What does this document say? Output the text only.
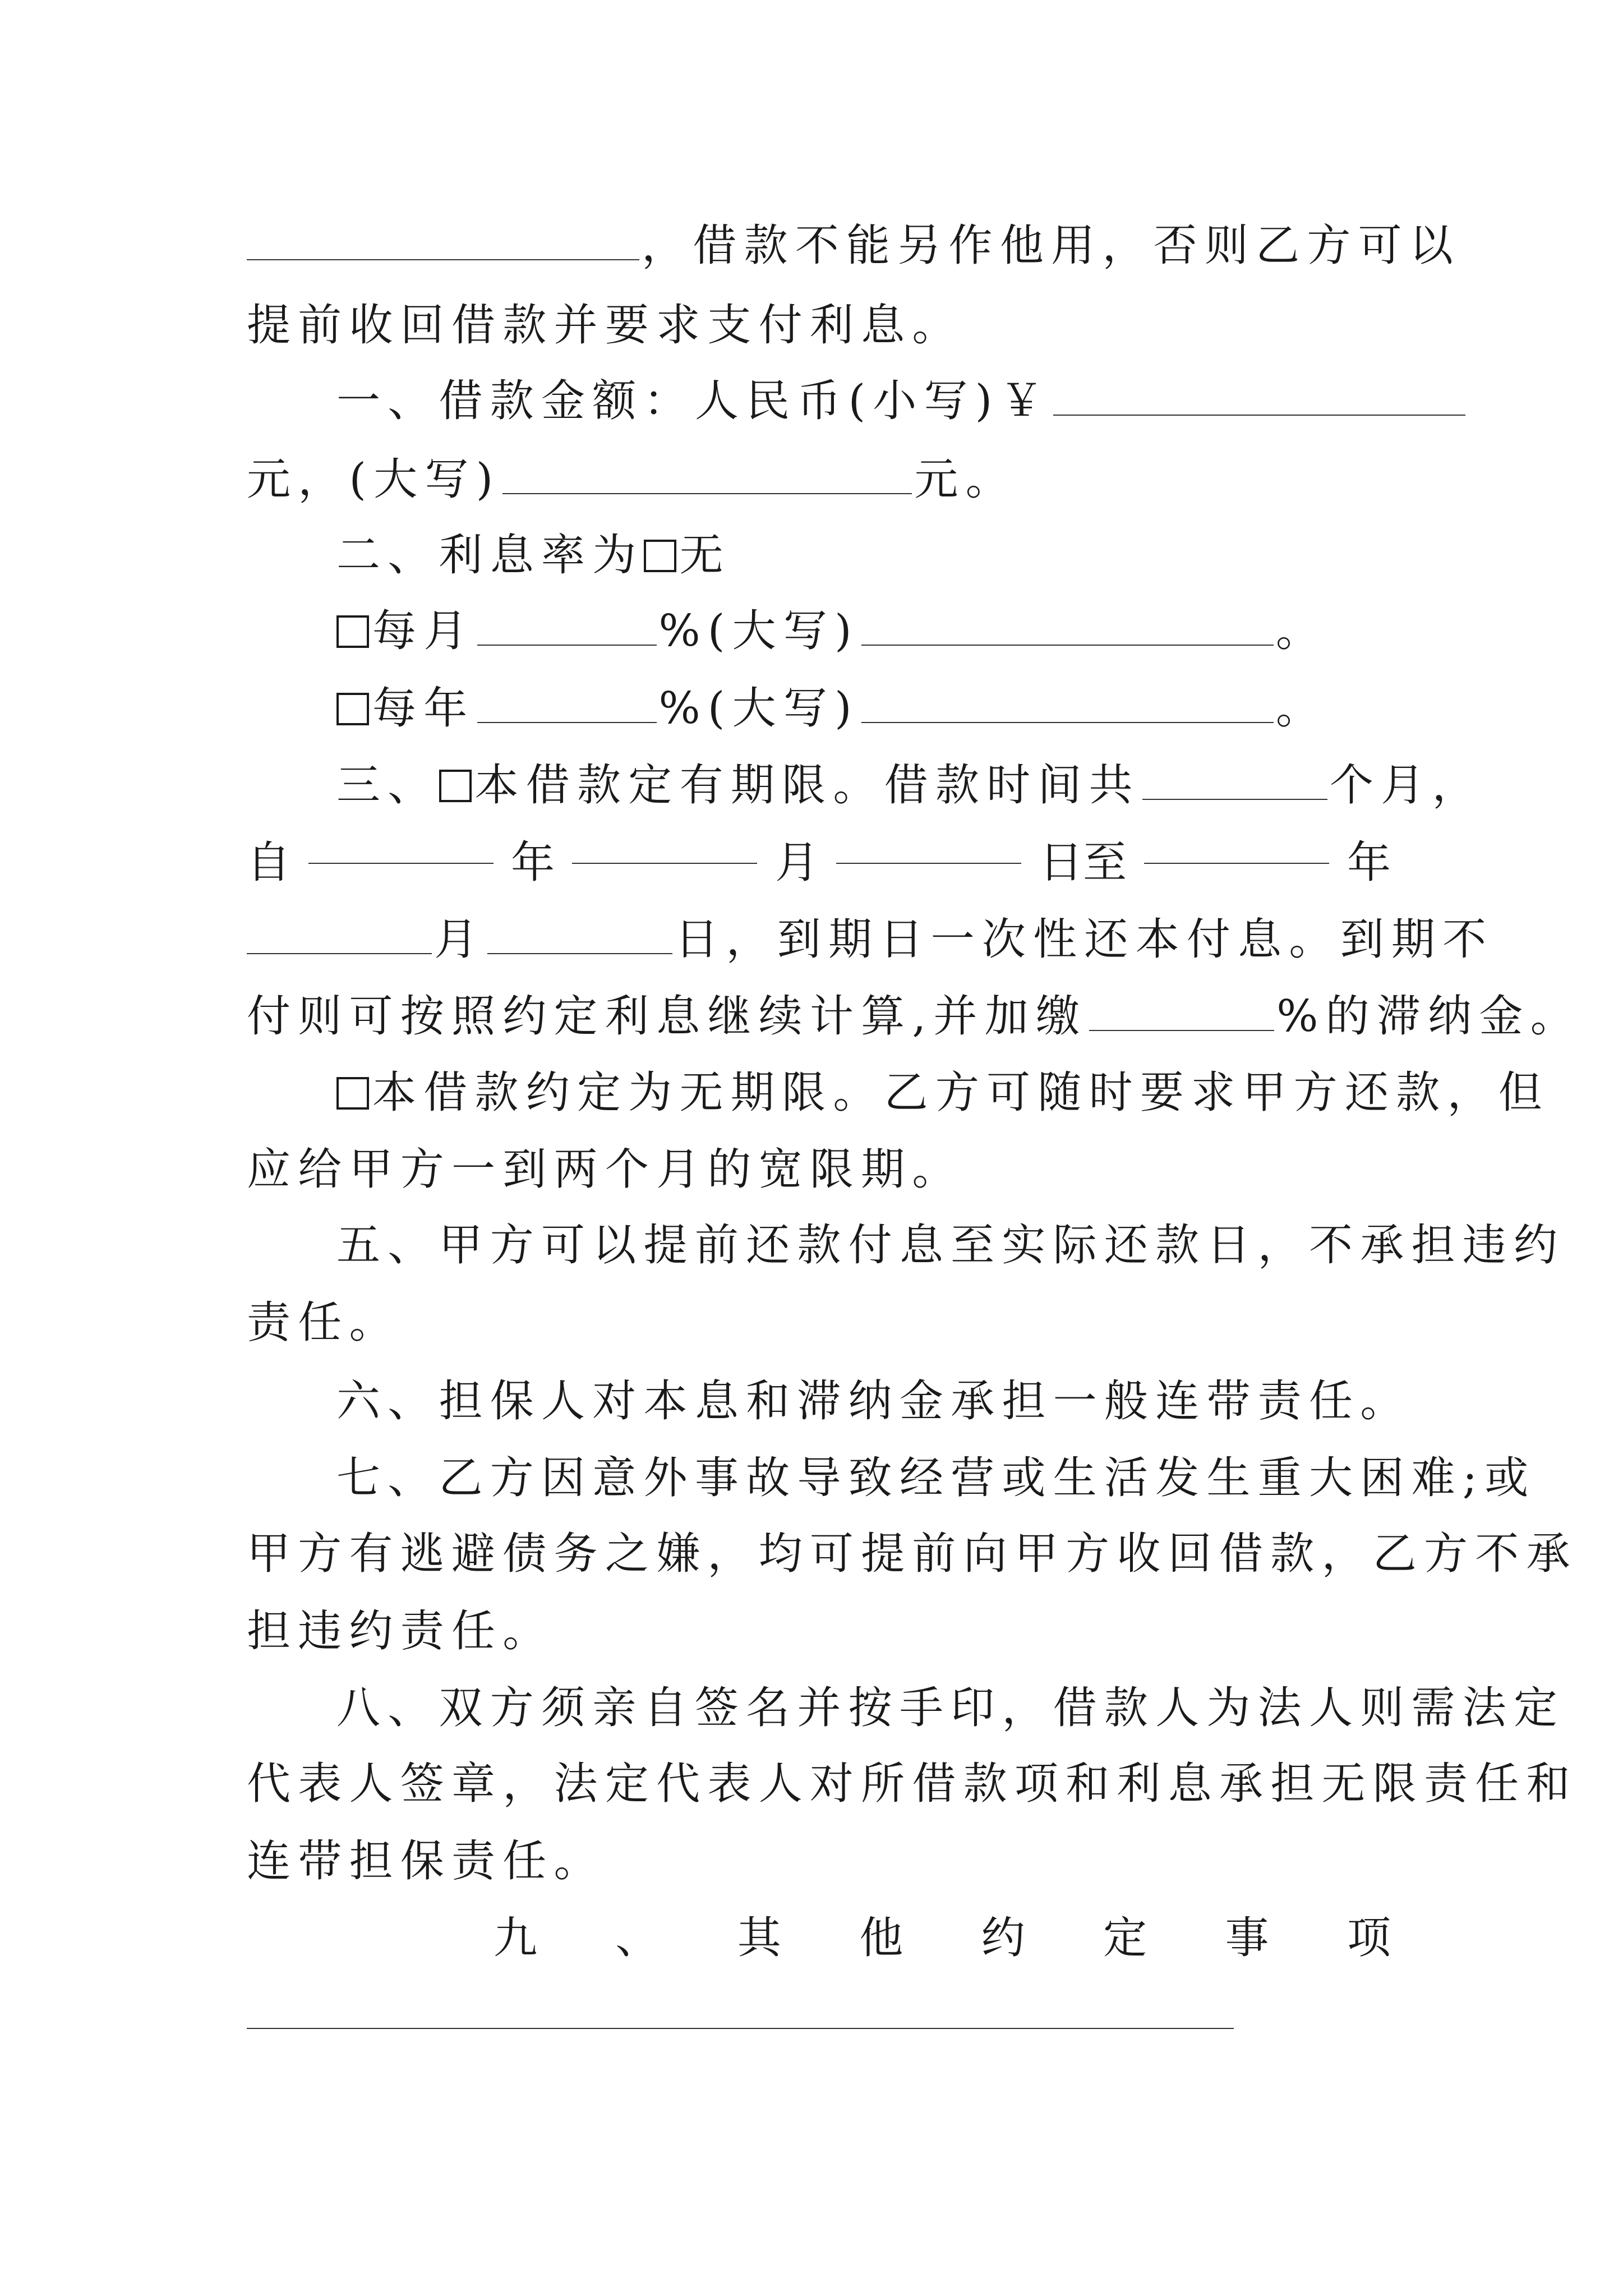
，借款不能另作他用，否则乙方可以
提前收回借款并要求支付利息。
一、借款金额：人民币(小写)￥
元，(大写)	元。
二、利息率为 无
每月	%(大写)	。
每年	%(大写)	。
三、 本借款定有期限。借款时间共	个月，
自	年	月	日至	年
月	日，到期日一次性还本付息。到期不
付则可按照约定利息继续计算,并加缴	%的滞纳金。
本借款约定为无期限。乙方可随时要求甲方还款，但
应给甲方一到两个月的宽限期。
五、甲方可以提前还款付息至实际还款日，不承担违约
责任。
六、担保人对本息和滞纳金承担一般连带责任。
七、乙方因意外事故导致经营或生活发生重大困难;或
甲方有逃避债务之嫌，均可提前向甲方收回借款，乙方不承
担违约责任。
八、双方须亲自签名并按手印，借款人为法人则需法定
代表人签章，法定代表人对所借款项和利息承担无限责任和
连带担保责任。
九 、 其 他 约 定 事 项
